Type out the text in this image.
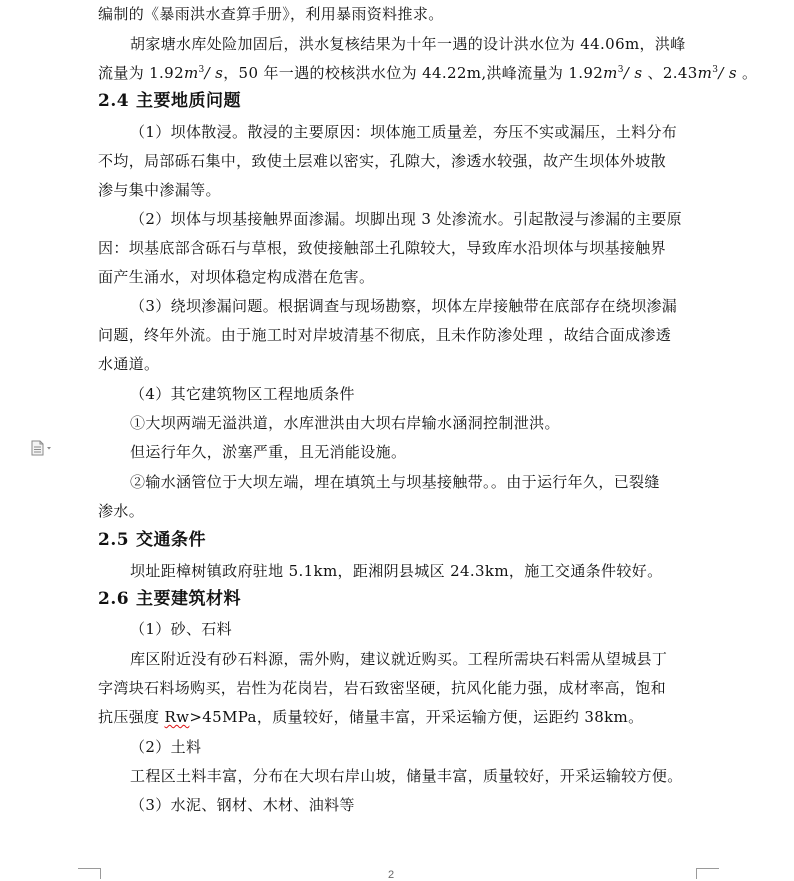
编制的《暴雨洪水查算手册》，利用暴雨资料推求。
胡家塘水库处险加固后，洪水复核结果为十年一遇的设计洪水位为 44.06m，洪峰
流量为 $1.92m^3/$ s，50 年一遇的校核洪水位为 44.22m,洪峰流量为 $1.92m^3/$ s 、$2.43m^3/$ s 。
2.4 主要地质问题
（1）坝体散浸。散浸的主要原因：坝体施工质量差，夯压不实或漏压，土料分布
不均，局部砾石集中，致使土层难以密实，孔隙大，渗透水较强，故产生坝体外坡散
渗与集中渗漏等。
（2）坝体与坝基接触界面渗漏。坝脚出现 3 处渗流水。引起散浸与渗漏的主要原
因：坝基底部含砾石与草根，致使接触部土孔隙较大，导致库水沿坝体与坝基接触界
面产生涌水，对坝体稳定构成潜在危害。
（3）绕坝渗漏问题。根据调查与现场勘察，坝体左岸接触带在底部存在绕坝渗漏
问题，终年外流。由于施工时对岸坡清基不彻底，且未作防渗处理 ，故结合面成渗透
水通道。
（4）其它建筑物区工程地质条件
①大坝两端无溢洪道，水库泄洪由大坝右岸输水涵洞控制泄洪。
但运行年久，淤塞严重，且无消能设施。
②输水涵管位于大坝左端，埋在填筑土与坝基接触带。。由于运行年久，已裂缝
渗水。
2.5 交通条件
坝址距樟树镇政府驻地 5.1km，距湘阴县城区 24.3km，施工交通条件较好。
2.6 主要建筑材料
（1）砂、石料
库区附近没有砂石料源，需外购，建议就近购买。工程所需块石料需从望城县丁
字湾块石料场购买，岩性为花岗岩，岩石致密坚硬，抗风化能力强，成材率高，饱和
抗压强度 Rw>45MPa，质量较好，储量丰富，开采运输方便，运距约 38km。
（2）土料
工程区土料丰富，分布在大坝右岸山坡，储量丰富，质量较好，开采运输较方便。
（3）水泥、钢材、木材、油料等
2
